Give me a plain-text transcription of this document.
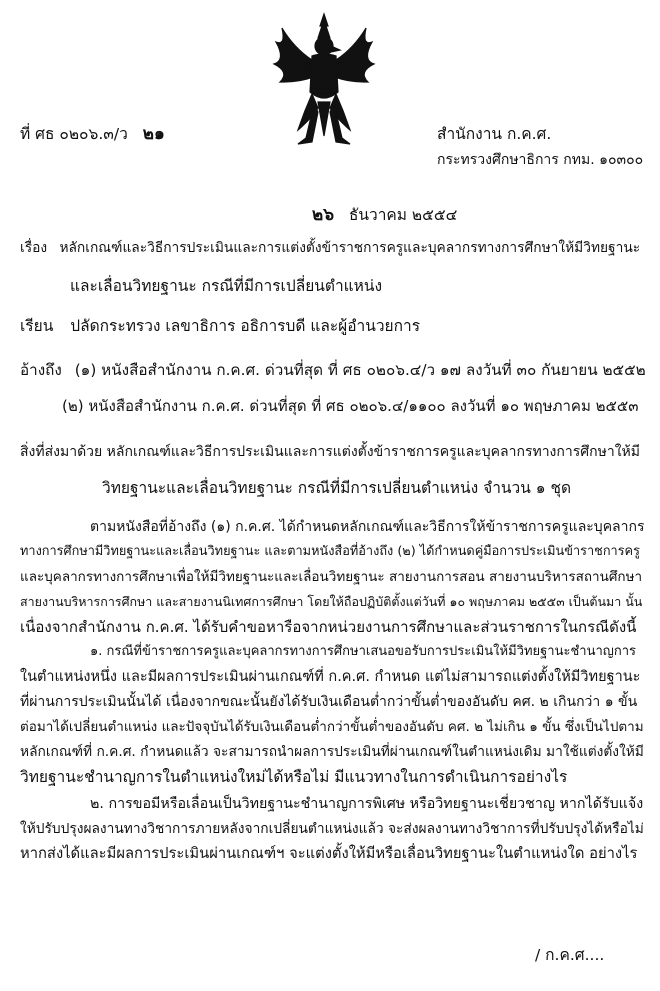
ที่ ศธ ๐๒๐๖.๓/ว ๒๑	สำนักงาน ก.ค.ศ.
กระทรวงศึกษาธิการ กทม. ๑๐๓๐๐
๒๖ ธันวาคม ๒๕๕๔
เรื่อง หลักเกณฑ์และวิธีการประเมินและการแต่งตั้งข้าราชการครูและบุคลากรทางการศึกษาให้มีวิทยฐานะ
และเลื่อนวิทยฐานะ กรณีที่มีการเปลี่ยนตำแหน่ง
เรียน ปลัดกระทรวง เลขาธิการ อธิการบดี และผู้อำนวยการ
อ้างถึง (๑) หนังสือสำนักงาน ก.ค.ศ. ด่วนที่สุด ที่ ศธ ๐๒๐๖.๔/ว ๑๗ ลงวันที่ ๓๐ กันยายน ๒๕๕๒
(๒) หนังสือสำนักงาน ก.ค.ศ. ด่วนที่สุด ที่ ศธ ๐๒๐๖.๔/๑๑๐๐ ลงวันที่ ๑๐ พฤษภาคม ๒๕๕๓
สิ่งที่ส่งมาด้วย หลักเกณฑ์และวิธีการประเมินและการแต่งตั้งข้าราชการครูและบุคลากรทางการศึกษาให้มี
วิทยฐานะและเลื่อนวิทยฐานะ กรณีที่มีการเปลี่ยนตำแหน่ง จำนวน ๑ ชุด
ตามหนังสือที่อ้างถึง (๑) ก.ค.ศ. ได้กำหนดหลักเกณฑ์และวิธีการให้ข้าราชการครูและบุคลากร
ทางการศึกษามีวิทยฐานะและเลื่อนวิทยฐานะ และตามหนังสือที่อ้างถึง (๒) ได้กำหนดคู่มือการประเมินข้าราชการครู
และบุคลากรทางการศึกษาเพื่อให้มีวิทยฐานะและเลื่อนวิทยฐานะ สายงานการสอน สายงานบริหารสถานศึกษา
สายงานบริหารการศึกษา และสายงานนิเทศการศึกษา โดยให้ถือปฏิบัติตั้งแต่วันที่ ๑๐ พฤษภาคม ๒๕๕๓ เป็นต้นมา นั้น
เนื่องจากสำนักงาน ก.ค.ศ. ได้รับคำขอหารือจากหน่วยงานการศึกษาและส่วนราชการในกรณีดังนี้
๑. กรณีที่ข้าราชการครูและบุคลากรทางการศึกษาเสนอขอรับการประเมินให้มีวิทยฐานะชำนาญการ
ในตำแหน่งหนึ่ง และมีผลการประเมินผ่านเกณฑ์ที่ ก.ค.ศ. กำหนด แต่ไม่สามารถแต่งตั้งให้มีวิทยฐานะ
ที่ผ่านการประเมินนั้นได้ เนื่องจากขณะนั้นยังได้รับเงินเดือนต่ำกว่าขั้นต่ำของอันดับ คศ. ๒ เกินกว่า ๑ ขั้น
ต่อมาได้เปลี่ยนตำแหน่ง และปัจจุบันได้รับเงินเดือนต่ำกว่าขั้นต่ำของอันดับ คศ. ๒ ไม่เกิน ๑ ขั้น ซึ่งเป็นไปตาม
หลักเกณฑ์ที่ ก.ค.ศ. กำหนดแล้ว จะสามารถนำผลการประเมินที่ผ่านเกณฑ์ในตำแหน่งเดิม มาใช้แต่งตั้งให้มี
วิทยฐานะชำนาญการในตำแหน่งใหม่ได้หรือไม่ มีแนวทางในการดำเนินการอย่างไร
๒. การขอมีหรือเลื่อนเป็นวิทยฐานะชำนาญการพิเศษ หรือวิทยฐานะเชี่ยวชาญ หากได้รับแจ้ง
ให้ปรับปรุงผลงานทางวิชาการภายหลังจากเปลี่ยนตำแหน่งแล้ว จะส่งผลงานทางวิชาการที่ปรับปรุงได้หรือไม่
หากส่งได้และมีผลการประเมินผ่านเกณฑ์ฯ จะแต่งตั้งให้มีหรือเลื่อนวิทยฐานะในตำแหน่งใด อย่างไร
/ ก.ค.ศ....
